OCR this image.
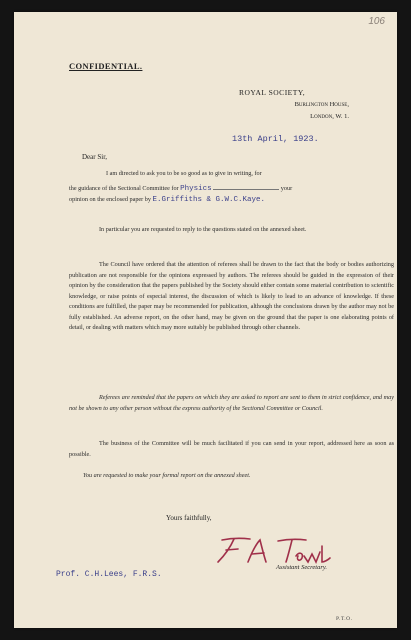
106
CONFIDENTIAL.
ROYAL SOCIETY,
Burlington House,
London, W. 1.
13th April, 1923.
Dear Sir,
I am directed to ask you to be so good as to give in writing, for
the guidance of the Sectional Committee for Physics	your
opinion on the enclosed paper by E.Griffiths & G.W.C.Kaye.
In particular you are requested to reply to the questions stated on the annexed sheet.
The Council have ordered that the attention of referees shall be drawn to the fact that the body or bodies authorizing publication are not responsible for the opinions expressed by authors. The referees should be guided in the expression of their opinion by the consideration that the papers published by the Society should either contain some material contribution to scientific knowledge, or raise points of especial interest, the discussion of which is likely to lead to an advance of knowledge. If these conditions are fulfilled, the paper may be recommended for publication, although the conclusions drawn by the author may not be fully established. An adverse report, on the other hand, may be given on the ground that the paper is one elaborating points of detail, or dealing with matters which may more suitably be published through other channels.
Referees are reminded that the papers on which they are asked to report are sent to them in strict confidence, and may not be shown to any other person without the express authority of the Sectional Committee or Council.
The business of the Committee will be much facilitated if you can send in your report, addressed here as soon as possible.
You are requested to make your formal report on the annexed sheet.
Yours faithfully,
Assistant Secretary.
Prof. C.H.Lees, F.R.S.
P.T.O.
